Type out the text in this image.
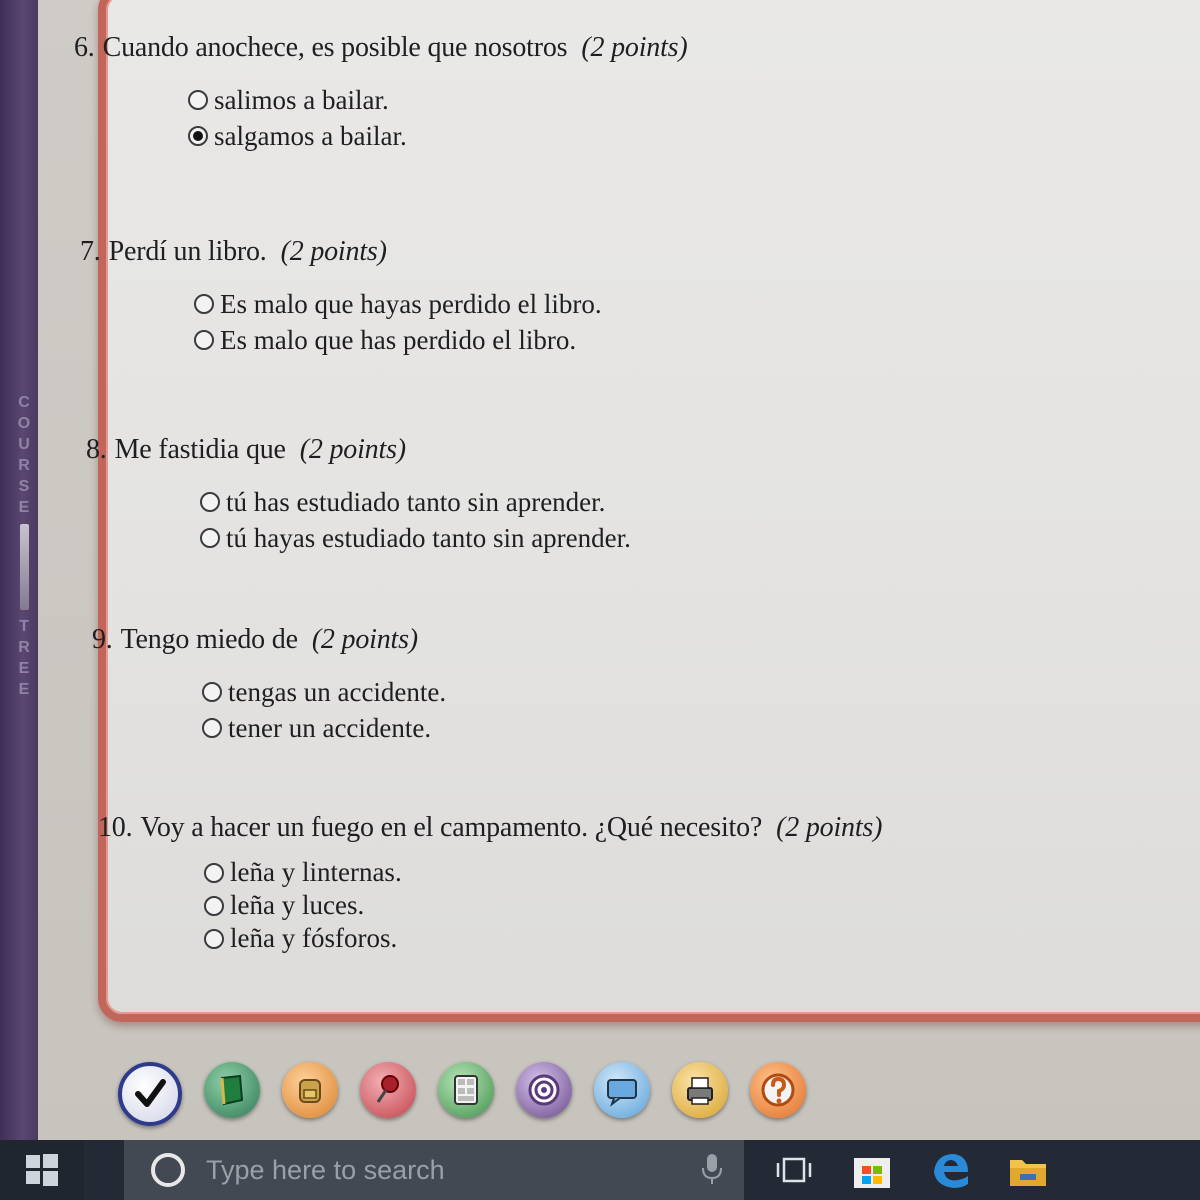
C
O
U
R
S
E
T
R
E
E
6. Cuando anochece, es posible que nosotros (2 points)
salimos a bailar.
salgamos a bailar.
7. Perdí un libro. (2 points)
Es malo que hayas perdido el libro.
Es malo que has perdido el libro.
8. Me fastidia que (2 points)
tú has estudiado tanto sin aprender.
tú hayas estudiado tanto sin aprender.
9. Tengo miedo de (2 points)
tengas un accidente.
tener un accidente.
10. Voy a hacer un fuego en el campamento. ¿Qué necesito? (2 points)
leña y linternas.
leña y luces.
leña y fósforos.
Type here to search
